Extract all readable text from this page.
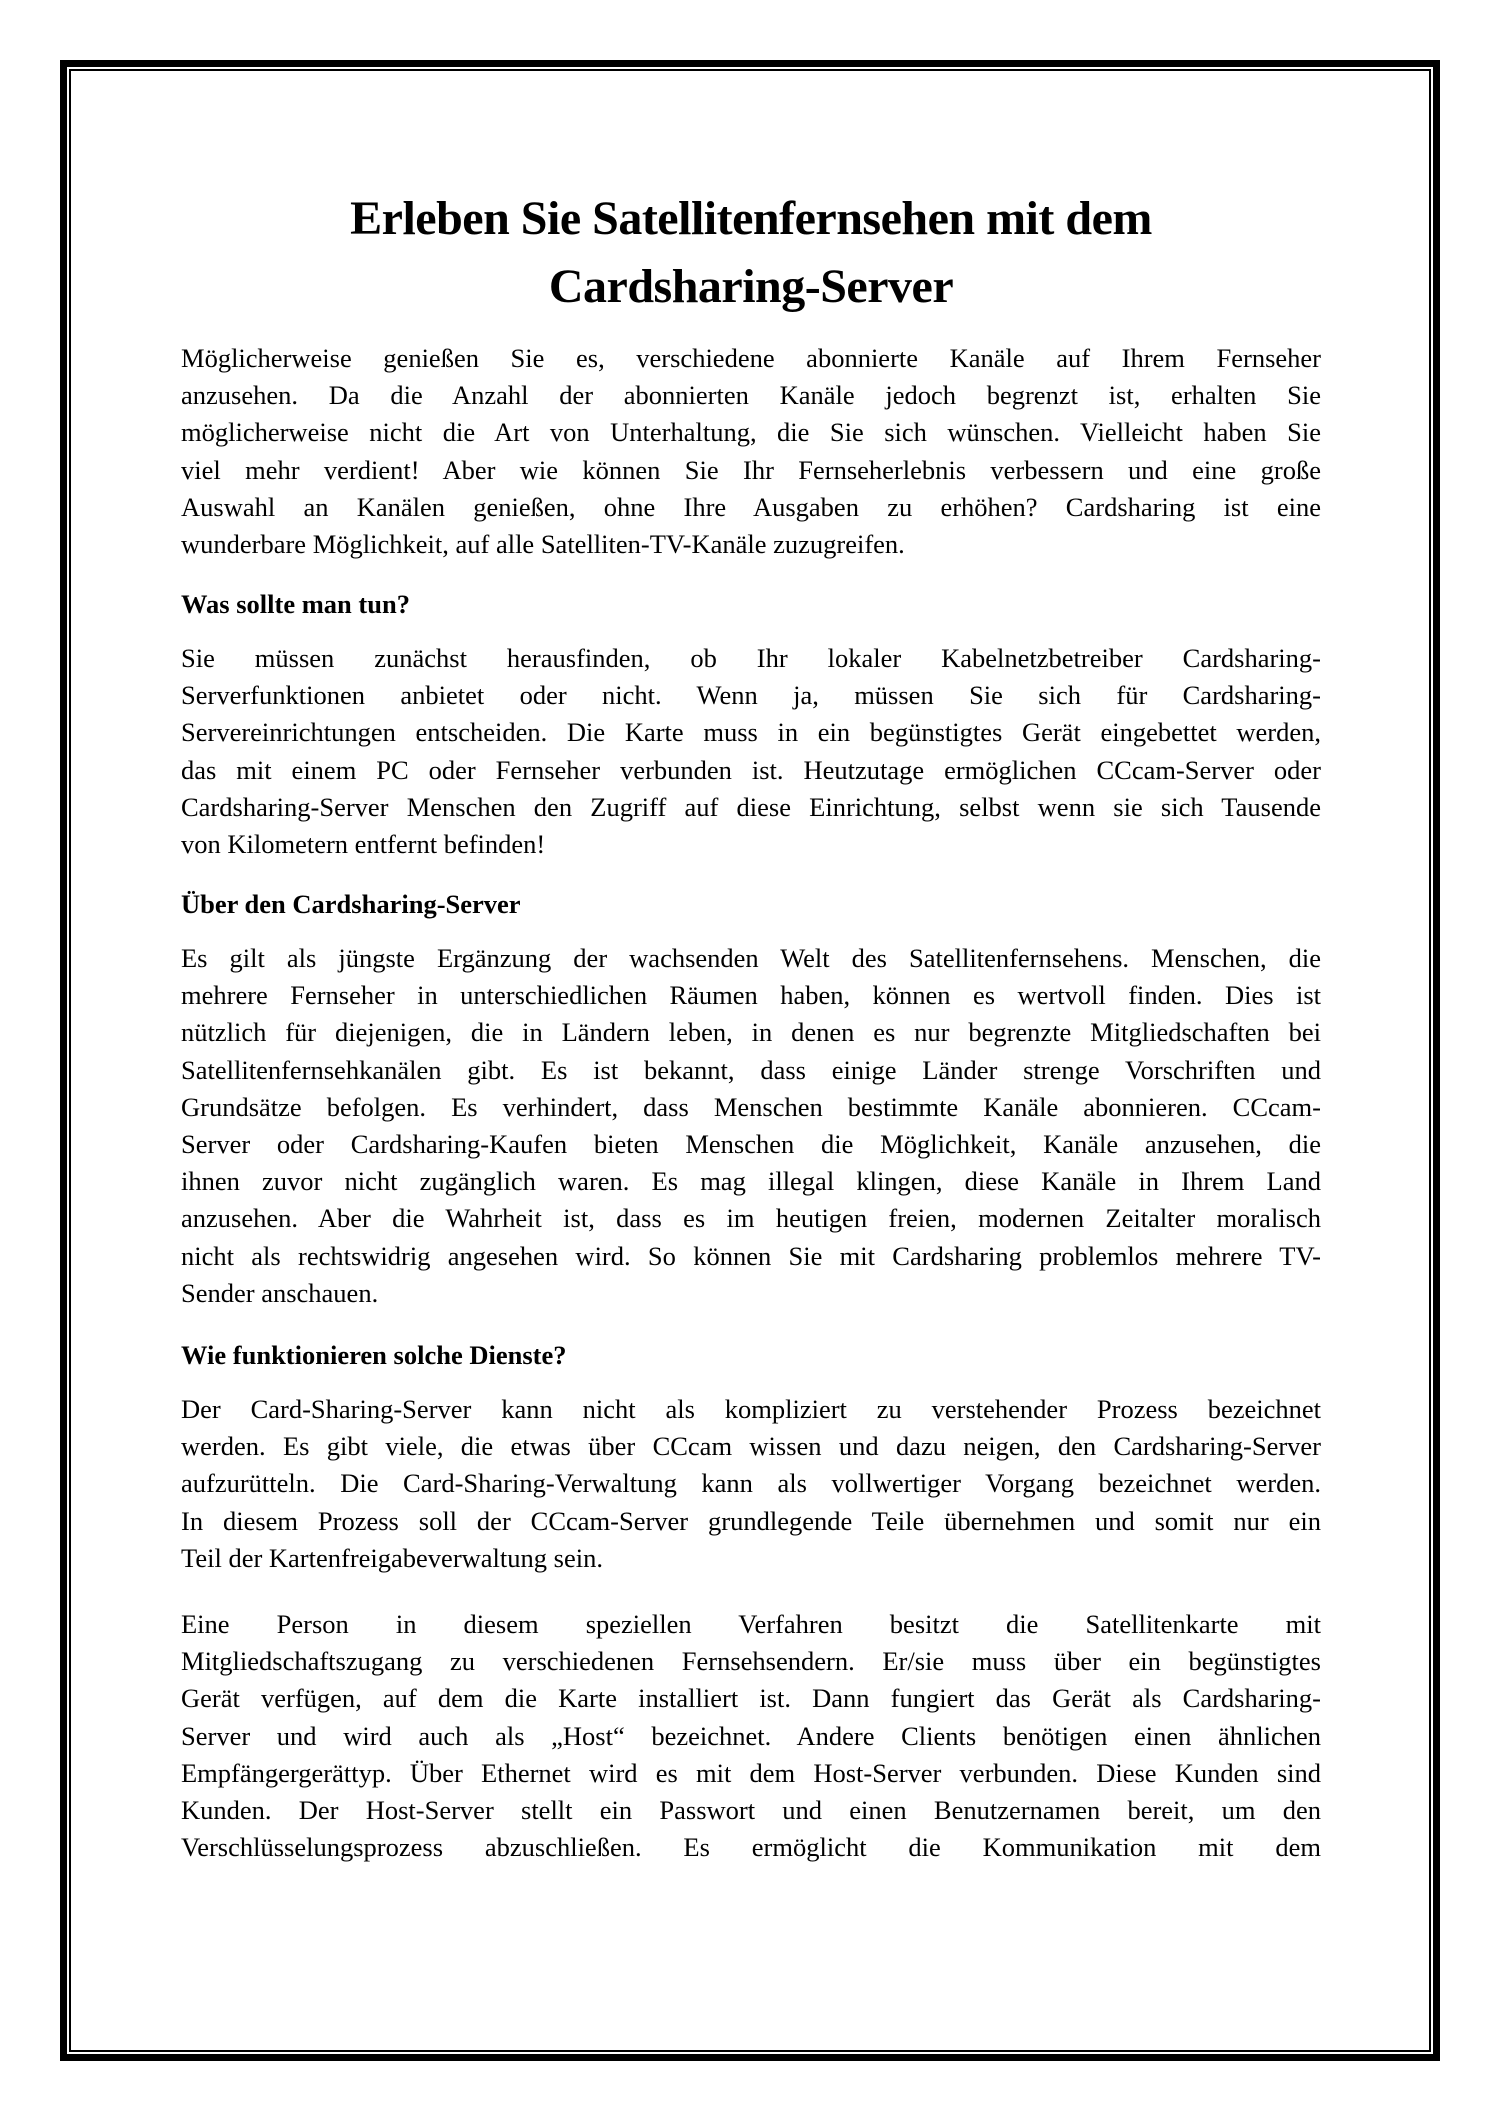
Erleben Sie Satellitenfernsehen mit dem
Cardsharing-Server
Möglicherweise genießen Sie es, verschiedene abonnierte Kanäle auf Ihrem Fernseher
anzusehen. Da die Anzahl der abonnierten Kanäle jedoch begrenzt ist, erhalten Sie
möglicherweise nicht die Art von Unterhaltung, die Sie sich wünschen. Vielleicht haben Sie
viel mehr verdient! Aber wie können Sie Ihr Fernseherlebnis verbessern und eine große
Auswahl an Kanälen genießen, ohne Ihre Ausgaben zu erhöhen? Cardsharing ist eine
wunderbare Möglichkeit, auf alle Satelliten-TV-Kanäle zuzugreifen.
Was sollte man tun?
Sie müssen zunächst herausfinden, ob Ihr lokaler Kabelnetzbetreiber Cardsharing-
Serverfunktionen anbietet oder nicht. Wenn ja, müssen Sie sich für Cardsharing-
Servereinrichtungen entscheiden. Die Karte muss in ein begünstigtes Gerät eingebettet werden,
das mit einem PC oder Fernseher verbunden ist. Heutzutage ermöglichen CCcam-Server oder
Cardsharing-Server Menschen den Zugriff auf diese Einrichtung, selbst wenn sie sich Tausende
von Kilometern entfernt befinden!
Über den Cardsharing-Server
Es gilt als jüngste Ergänzung der wachsenden Welt des Satellitenfernsehens. Menschen, die
mehrere Fernseher in unterschiedlichen Räumen haben, können es wertvoll finden. Dies ist
nützlich für diejenigen, die in Ländern leben, in denen es nur begrenzte Mitgliedschaften bei
Satellitenfernsehkanälen gibt. Es ist bekannt, dass einige Länder strenge Vorschriften und
Grundsätze befolgen. Es verhindert, dass Menschen bestimmte Kanäle abonnieren. CCcam-
Server oder Cardsharing-Kaufen bieten Menschen die Möglichkeit, Kanäle anzusehen, die
ihnen zuvor nicht zugänglich waren. Es mag illegal klingen, diese Kanäle in Ihrem Land
anzusehen. Aber die Wahrheit ist, dass es im heutigen freien, modernen Zeitalter moralisch
nicht als rechtswidrig angesehen wird. So können Sie mit Cardsharing problemlos mehrere TV-
Sender anschauen.
Wie funktionieren solche Dienste?
Der Card-Sharing-Server kann nicht als kompliziert zu verstehender Prozess bezeichnet
werden. Es gibt viele, die etwas über CCcam wissen und dazu neigen, den Cardsharing-Server
aufzurütteln. Die Card-Sharing-Verwaltung kann als vollwertiger Vorgang bezeichnet werden.
In diesem Prozess soll der CCcam-Server grundlegende Teile übernehmen und somit nur ein
Teil der Kartenfreigabeverwaltung sein.
Eine Person in diesem speziellen Verfahren besitzt die Satellitenkarte mit
Mitgliedschaftszugang zu verschiedenen Fernsehsendern. Er/sie muss über ein begünstigtes
Gerät verfügen, auf dem die Karte installiert ist. Dann fungiert das Gerät als Cardsharing-
Server und wird auch als „Host“ bezeichnet. Andere Clients benötigen einen ähnlichen
Empfängergerättyp. Über Ethernet wird es mit dem Host-Server verbunden. Diese Kunden sind
Kunden. Der Host-Server stellt ein Passwort und einen Benutzernamen bereit, um den
Verschlüsselungsprozess abzuschließen. Es ermöglicht die Kommunikation mit dem
